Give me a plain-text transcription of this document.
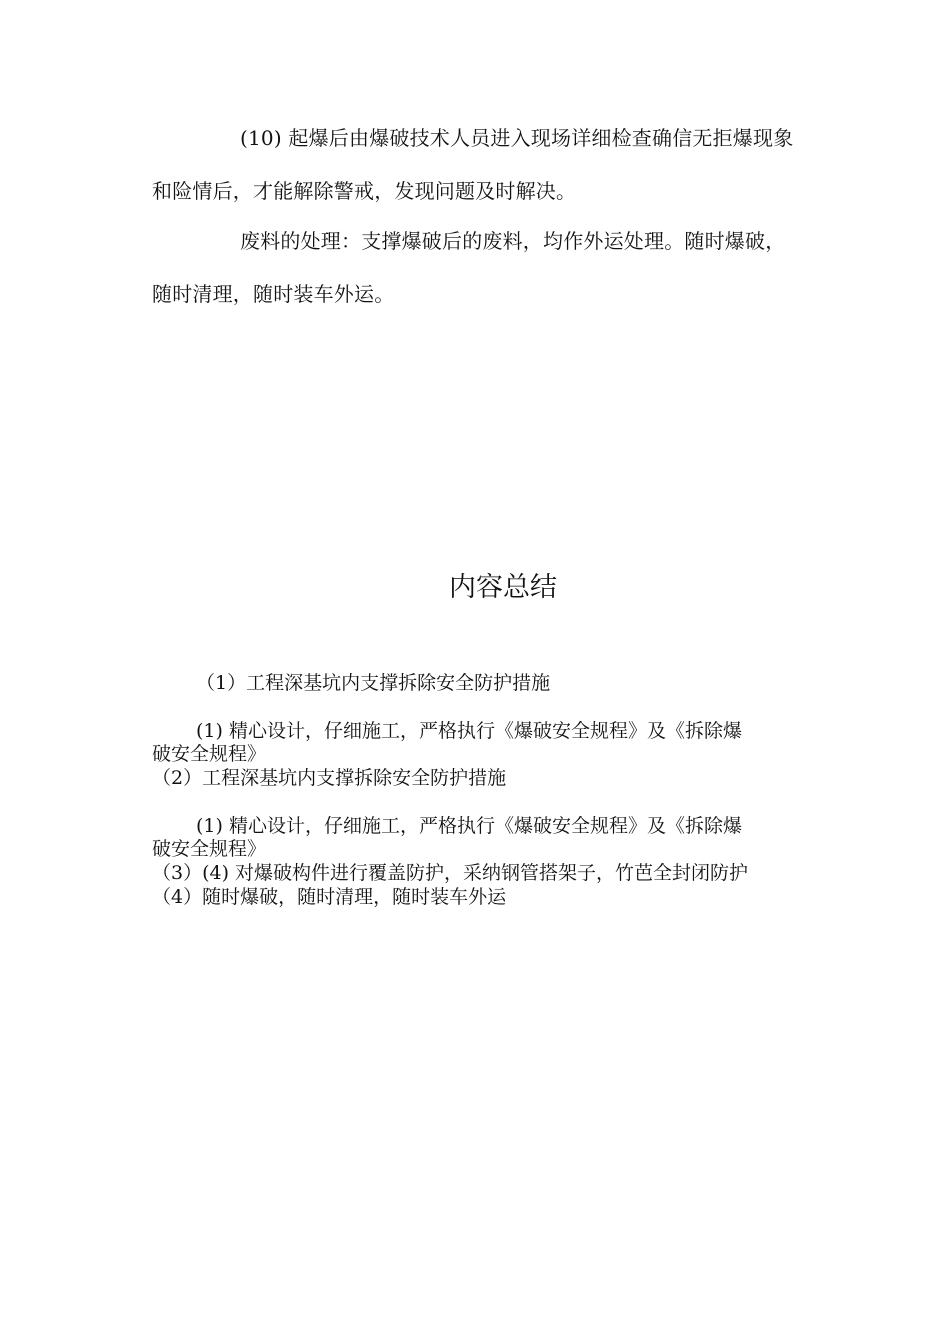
(10) 起爆后由爆破技术人员进入现场详细检查确信无拒爆现象和险情后，才能解除警戒，发现问题及时解决。

废料的处理：支撑爆破后的废料，均作外运处理。随时爆破，随时清理，随时装车外运。

内容总结

（1）工程深基坑内支撑拆除安全防护措施

(1) 精心设计，仔细施工，严格执行《爆破安全规程》及《拆除爆

破安全规程》

（2）工程深基坑内支撑拆除安全防护措施

(1) 精心设计，仔细施工，严格执行《爆破安全规程》及《拆除爆

破安全规程》

（3）(4) 对爆破构件进行覆盖防护，采纳钢管搭架子，竹芭全封闭防护

（4）随时爆破，随时清理，随时装车外运
